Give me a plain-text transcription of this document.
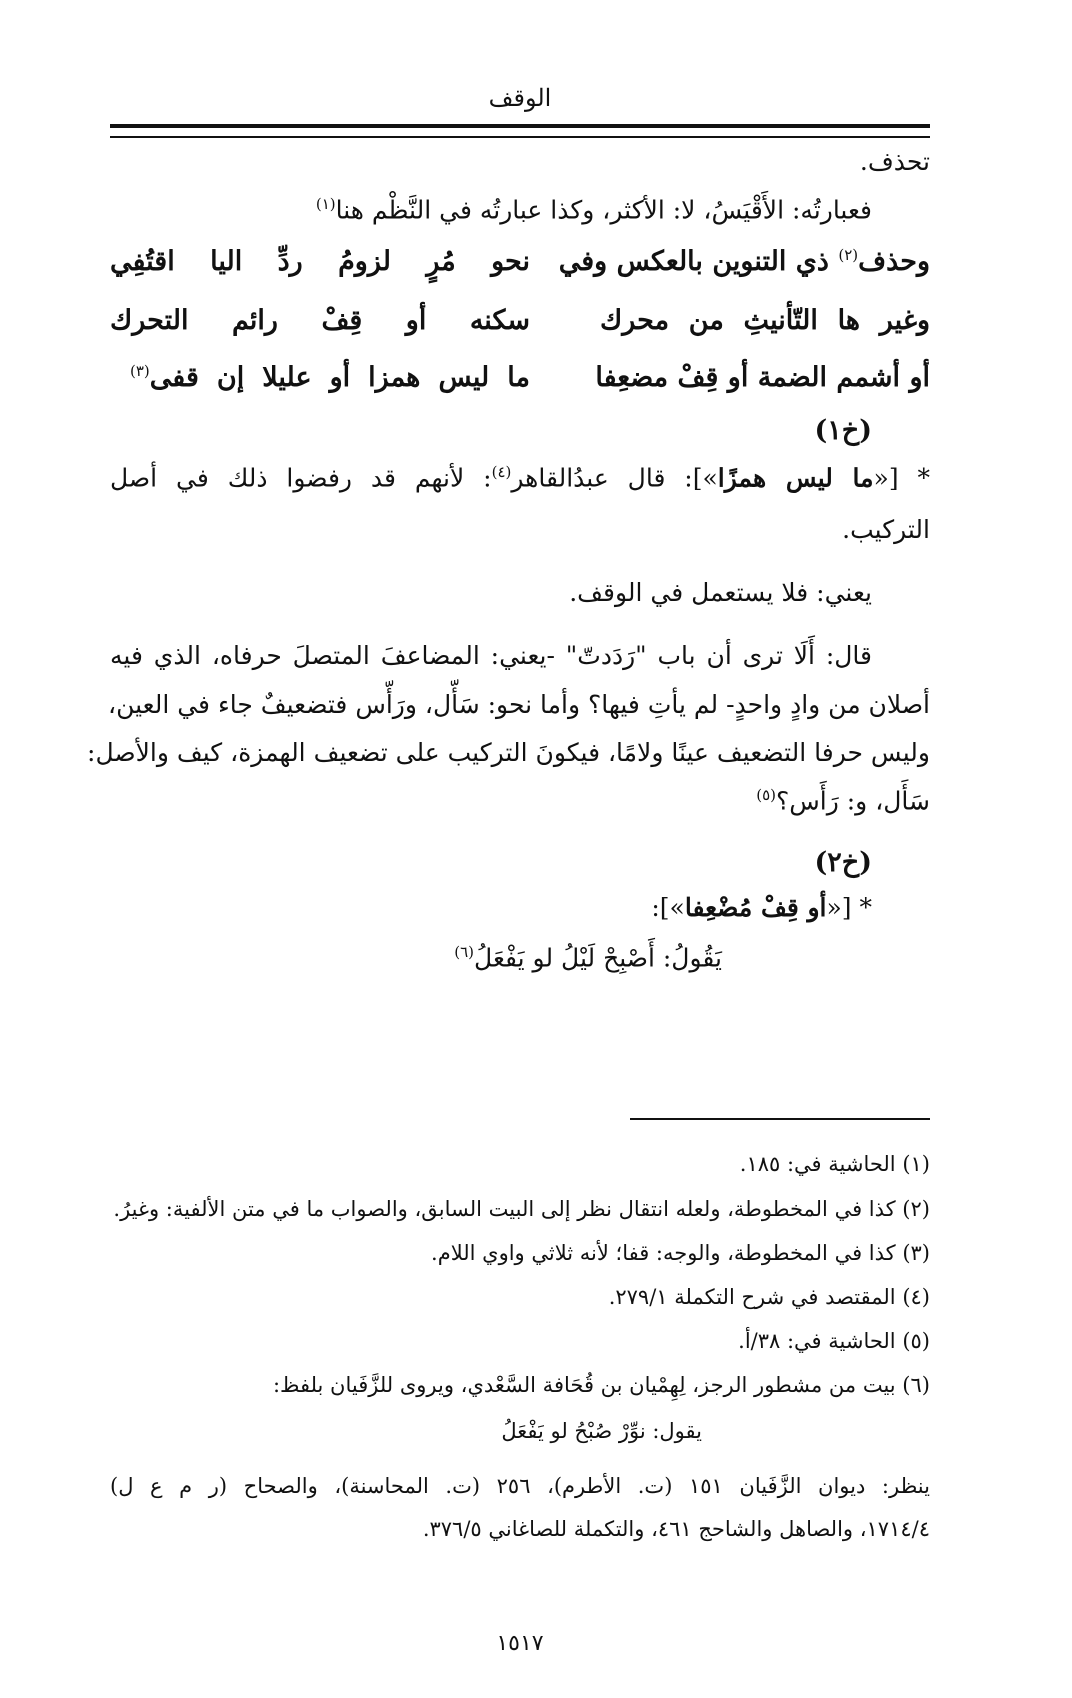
الوقف
تحذف.
فعبارتُه: الأَقْيَسُ، لا: الأكثر، وكذا عبارتُه في النَّظْم هنا$^{(١)}$
وحذف$^{(٢)}$ ذي التنوين بالعكس وفي
نحو مُرٍ لزومُ ردِّ اليا اقتُفِي
وغير ها التّأنيثِ من محرك
سكنه أو قِفْ رائم التحرك
أو أشمم الضمة أو قِفْ مضعِفا
ما ليس همزا أو عليلا إن قفى$^{(٣)}$
(خ١)
* [«ما ليس همزًا»]: قال عبدُالقاهر$^{(٤)}$: لأنهم قد رفضوا ذلك في أصل
التركيب.
يعني: فلا يستعمل في الوقف.
قال: أَلَا ترى أن باب "رَدَدتّ" -يعني: المضاعفَ المتصلَ حرفاه، الذي فيه
أصلان من وادٍ واحدٍ- لم يأتِ فيها؟ وأما نحو: سَأّل، ورَأّس فتضعيفٌ جاء في العين،
وليس حرفا التضعيف عينًا ولامًا، فيكونَ التركيب على تضعيف الهمزة، كيف والأصل:
سَأَل، و: رَأَس؟$^{(٥)}$
(خ٢)
* [«أو قِفْ مُضْعِفا»]:
يَقُولُ: أَصْبِحْ لَيْلُ لو يَفْعَلُ$^{(٦)}$
(١) الحاشية في: ١٨٥.
(٢) كذا في المخطوطة، ولعله انتقال نظر إلى البيت السابق، والصواب ما في متن الألفية: وغيرُ.
(٣) كذا في المخطوطة، والوجه: قفا؛ لأنه ثلاثي واوي اللام.
(٤) المقتصد في شرح التكملة ٢٧٩/١.
(٥) الحاشية في: ٣٨/أ.
(٦) بيت من مشطور الرجز، لِهِمْيان بن قُحَافة السَّعْدي، ويروى للزَّفَيان بلفظ:
يقول: نوِّرْ صُبْحُ لو يَفْعَلُ
ينظر: ديوان الزَّفَيان ١٥١ (ت. الأطرم)، ٢٥٦ (ت. المحاسنة)، والصحاح (ر م ع ل)
١٧١٤/٤، والصاهل والشاحج ٤٦١، والتكملة للصاغاني ٣٧٦/٥.
١٥١٧
